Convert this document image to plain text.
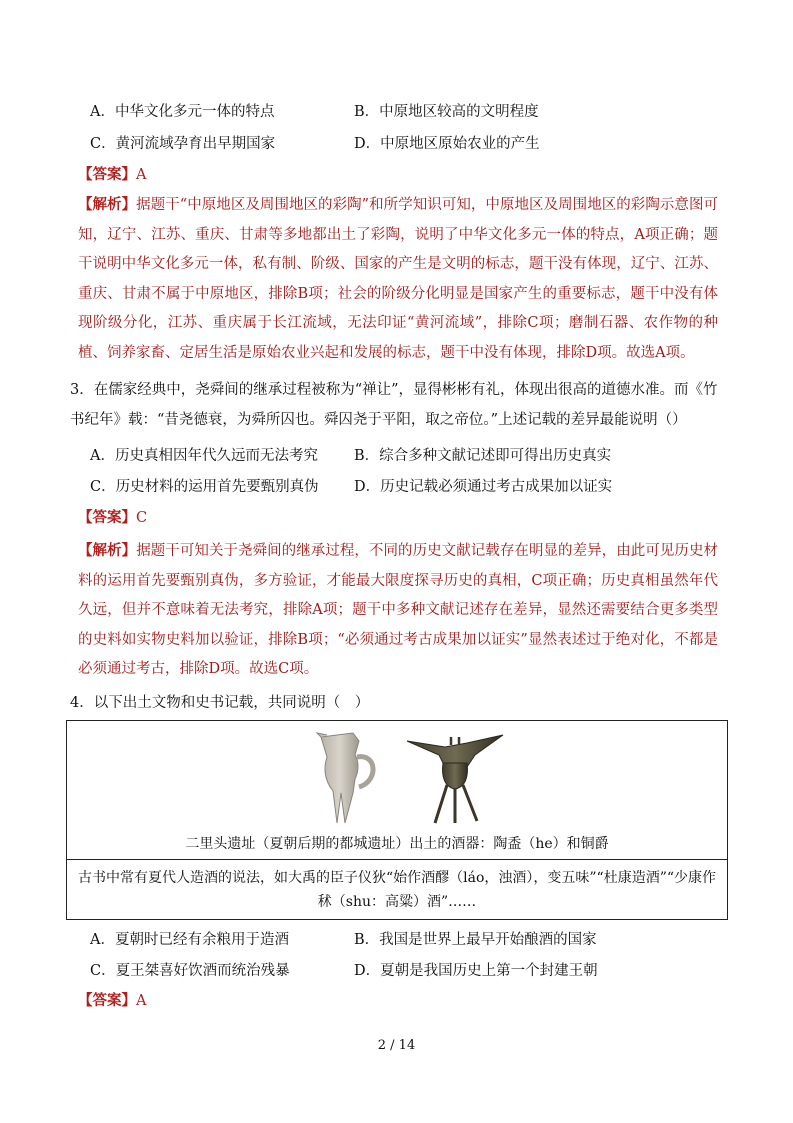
A．中华文化多元一体的特点	B．中原地区较高的文明程度
C．黄河流域孕育出早期国家	D．中原地区原始农业的产生
【答案】A
【解析】据题干“中原地区及周围地区的彩陶”和所学知识可知，中原地区及周围地区的彩陶示意图可知，辽宁、江苏、重庆、甘肃等多地都出土了彩陶，说明了中华文化多元一体的特点，A项正确；题干说明中华文化多元一体，私有制、阶级、国家的产生是文明的标志，题干没有体现，辽宁、江苏、重庆、甘肃不属于中原地区，排除B项；社会的阶级分化明显是国家产生的重要标志，题干中没有体现阶级分化，江苏、重庆属于长江流域，无法印证“黄河流域”，排除C项；磨制石器、农作物的种植、饲养家畜、定居生活是原始农业兴起和发展的标志，题干中没有体现，排除D项。故选A项。
3．在儒家经典中，尧舜间的继承过程被称为“禅让”，显得彬彬有礼，体现出很高的道德水准。而《竹书纪年》载：“昔尧德衰，为舜所囚也。舜囚尧于平阳，取之帝位。”上述记载的差异最能说明（）
A．历史真相因年代久远而无法考究 B．综合多种文献记述即可得出历史真实
C．历史材料的运用首先要甄别真伪 D．历史记载必须通过考古成果加以证实
【答案】C
【解析】据题干可知关于尧舜间的继承过程，不同的历史文献记载存在明显的差异，由此可见历史材料的运用首先要甄别真伪，多方验证，才能最大限度探寻历史的真相，C项正确；历史真相虽然年代久远，但并不意味着无法考究，排除A项；题干中多种文献记述存在差异，显然还需要结合更多类型的史料如实物史料加以验证，排除B项；“必须通过考古成果加以证实”显然表述过于绝对化，不都是必须通过考古，排除D项。故选C项。
4．以下出土文物和史书记载，共同说明（　）
二里头遗址（夏朝后期的都城遗址）出土的酒器：陶盉（he）和铜爵
古书中常有夏代人造酒的说法，如大禹的臣子仪狄“始作酒醪（láo，浊酒），变五味”“杜康造酒”“少康作秫（shu：高粱）酒”……
A．夏朝时已经有余粮用于造酒	B．我国是世界上最早开始酿酒的国家
C．夏王桀喜好饮酒而统治残暴	D．夏朝是我国历史上第一个封建王朝
【答案】A
2 / 14
